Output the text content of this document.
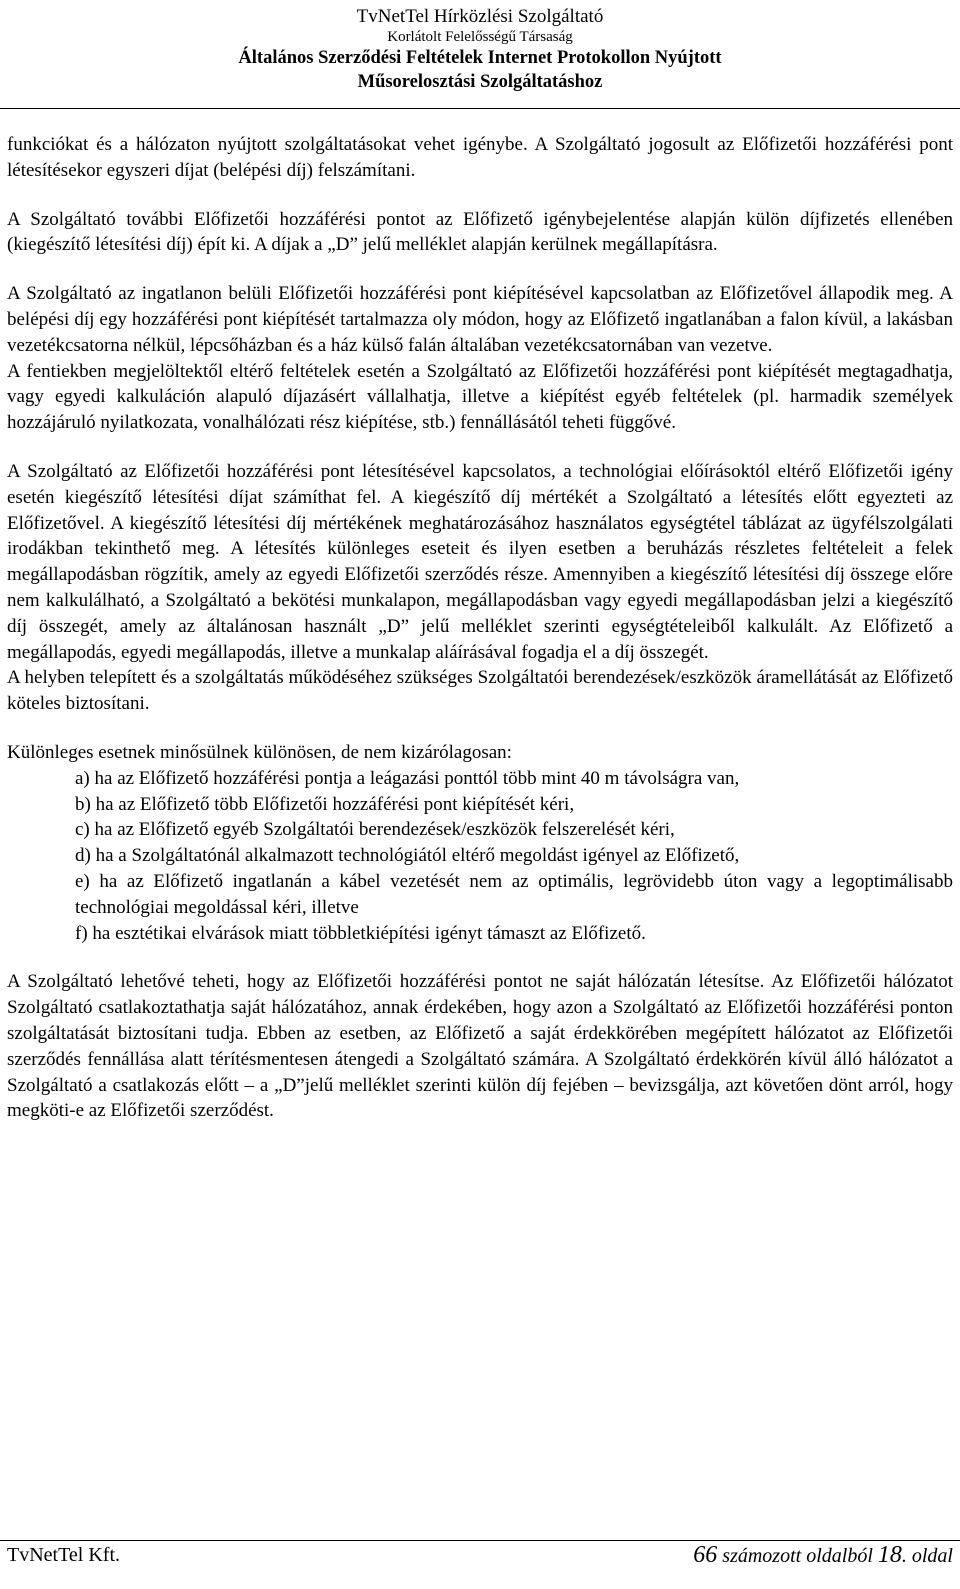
TvNetTel Hírközlési Szolgáltató
Korlátolt Felelősségű Társaság
Általános Szerződési Feltételek Internet Protokollon Nyújtott
Műsorelosztási Szolgáltatáshoz

funkciókat és a hálózaton nyújtott szolgáltatásokat vehet igénybe. A Szolgáltató jogosult az Előfizetői hozzáférési pont létesítésekor egyszeri díjat (belépési díj) felszámítani.

A Szolgáltató további Előfizetői hozzáférési pontot az Előfizető igénybejelentése alapján külön díjfizetés ellenében (kiegészítő létesítési díj) épít ki. A díjak a „D” jelű melléklet alapján kerülnek megállapításra.

A Szolgáltató az ingatlanon belüli Előfizetői hozzáférési pont kiépítésével kapcsolatban az Előfizetővel állapodik meg. A belépési díj egy hozzáférési pont kiépítését tartalmazza oly módon, hogy az Előfizető ingatlanában a falon kívül, a lakásban vezetékcsatorna nélkül, lépcsőházban és a ház külső falán általában vezetékcsatornában van vezetve.

A fentiekben megjelöltektől eltérő feltételek esetén a Szolgáltató az Előfizetői hozzáférési pont kiépítését megtagadhatja, vagy egyedi kalkuláción alapuló díjazásért vállalhatja, illetve a kiépítést egyéb feltételek (pl. harmadik személyek hozzájáruló nyilatkozata, vonalhálózati rész kiépítése, stb.) fennállásától teheti függővé.

A Szolgáltató az Előfizetői hozzáférési pont létesítésével kapcsolatos, a technológiai előírásoktól eltérő Előfizetői igény esetén kiegészítő létesítési díjat számíthat fel. A kiegészítő díj mértékét a Szolgáltató a létesítés előtt egyezteti az Előfizetővel. A kiegészítő létesítési díj mértékének meghatározásához használatos egységtétel táblázat az ügyfélszolgálati irodákban tekinthető meg. A létesítés különleges eseteit és ilyen esetben a beruházás részletes feltételeit a felek megállapodásban rögzítik, amely az egyedi Előfizetői szerződés része. Amennyiben a kiegészítő létesítési díj összege előre nem kalkulálható, a Szolgáltató a bekötési munkalapon, megállapodásban vagy egyedi megállapodásban jelzi a kiegészítő díj összegét, amely az általánosan használt „D” jelű melléklet szerinti egységtételeiből kalkulált. Az Előfizető a megállapodás, egyedi megállapodás, illetve a munkalap aláírásával fogadja el a díj összegét.

A helyben telepített és a szolgáltatás működéséhez szükséges Szolgáltatói berendezések/eszközök áramellátását az Előfizető köteles biztosítani.

Különleges esetnek minősülnek különösen, de nem kizárólagosan:

a) ha az Előfizető hozzáférési pontja a leágazási ponttól több mint 40 m távolságra van,
b) ha az Előfizető több Előfizetői hozzáférési pont kiépítését kéri,
c) ha az Előfizető egyéb Szolgáltatói berendezések/eszközök felszerelését kéri,
d) ha a Szolgáltatónál alkalmazott technológiától eltérő megoldást igényel az Előfizető,
e) ha az Előfizető ingatlanán a kábel vezetését nem az optimális, legrövidebb úton vagy a legoptimálisabb technológiai megoldással kéri, illetve
f) ha esztétikai elvárások miatt többletkiépítési igényt támaszt az Előfizető.

A Szolgáltató lehetővé teheti, hogy az Előfizetői hozzáférési pontot ne saját hálózatán létesítse. Az Előfizetői hálózatot Szolgáltató csatlakoztathatja saját hálózatához, annak érdekében, hogy azon a Szolgáltató az Előfizetői hozzáférési ponton szolgáltatását biztosítani tudja. Ebben az esetben, az Előfizető a saját érdekkörében megépített hálózatot az Előfizetői szerződés fennállása alatt térítésmentesen átengedi a Szolgáltató számára. A Szolgáltató érdekkörén kívül álló hálózatot a Szolgáltató a csatlakozás előtt – a „D”jelű melléklet szerinti külön díj fejében – bevizsgálja, azt követően dönt arról, hogy megköti-e az Előfizetői szerződést.

TvNetTel Kft.	66 számozott oldalból 18. oldal
